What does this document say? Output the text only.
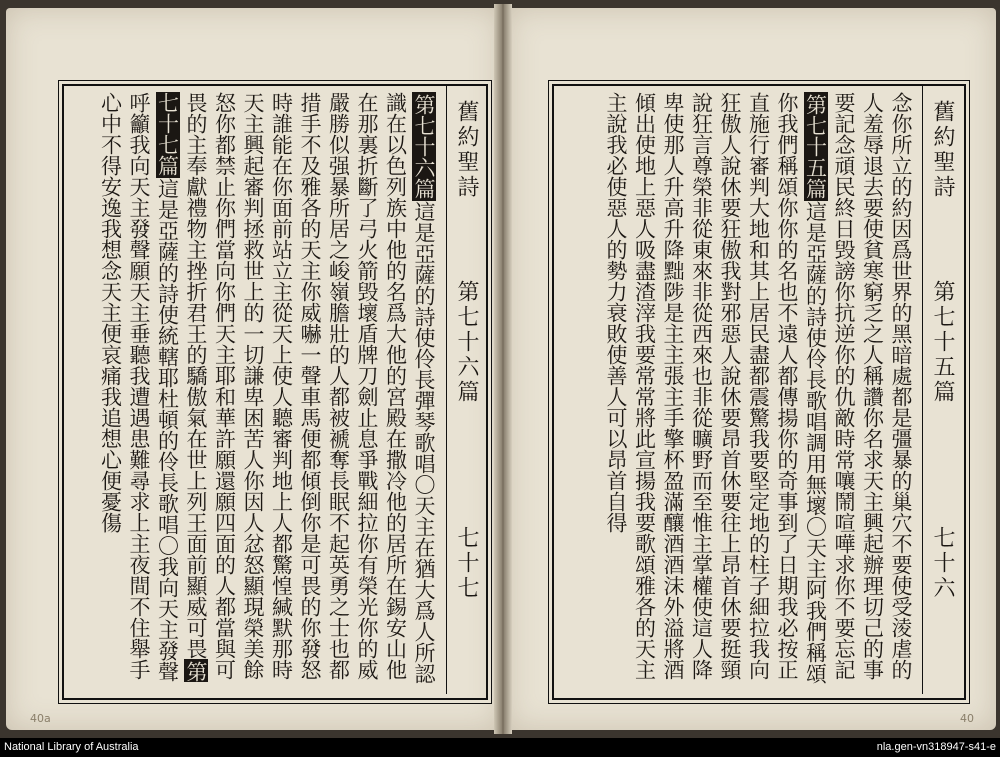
舊約聖詩
第七十六篇
七十七
舊約聖詩
第七十五篇
七十六
第七十六篇這是亞薩的詩使伶長彈琴歌唱〇天主在猶大爲人所認識在以色列族中他的名爲大他的宮殿在撒冷他的居所在錫安山他在那裏折斷了弓火箭毁壞盾牌刀劍止息爭戰細拉你有榮光你的威嚴勝似强暴所居之峻嶺膽壯的人都被褫奪長眠不起英勇之士也都措手不及雅各的天主你威嚇一聲車馬便都傾倒你是可畏的你發怒時誰能在你面前站立主從天上使人聽審判地上人都驚惶緘默那時天主興起審判拯救世上的一切謙卑困苦人你因人忿怒顯現榮美餘怒你都禁止你們當向你們天主耶和華許願還願四面的人都當與可畏的主奉獻禮物主挫折君王的驕傲氣在世上列王面前顯威可畏第七十七篇這是亞薩的詩使統轄耶杜頓的伶長歌唱〇我向天主發聲呼籲我向天主發聲願天主垂聽我遭遇患難尋求上主夜間不住舉手心中不得安逸我想念天主便哀痛我追想心便憂傷	念你所立的約因爲世界的黑暗處都是彊暴的巢穴不要使受淩虐的人羞辱退去要使貧寒窮乏之人稱讚你名求天主興起辦理切己的事要記念頑民終日毁謗你抗逆你的仇敵時常嚷鬧喧嘩求你不要忘記第七十五篇這是亞薩的詩使伶長歌唱調用無壞〇天主阿我們稱頌你我們稱頌你你的名也不遠人都傳揚你的奇事到了日期我必按正直施行審判大地和其上居民盡都震驚我要堅定地的柱子細拉我向狂傲人說休要狂傲我對邪惡人說休要昂首休要往上昂首休要挺頸說狂言尊榮非從東來非從西來也非從曠野而至惟主掌權使這人降卑使那人升高升降黜陟是主主張主手擎杯盈滿釀酒酒沫外溢將酒傾出使地上惡人吸盡渣滓我要常常將此宣揚我要歌頌雅各的天主主說我必使惡人的勢力衰敗使善人可以昂首自得
40a	40
National Library of Australia	nla.gen-vn318947-s41-e
